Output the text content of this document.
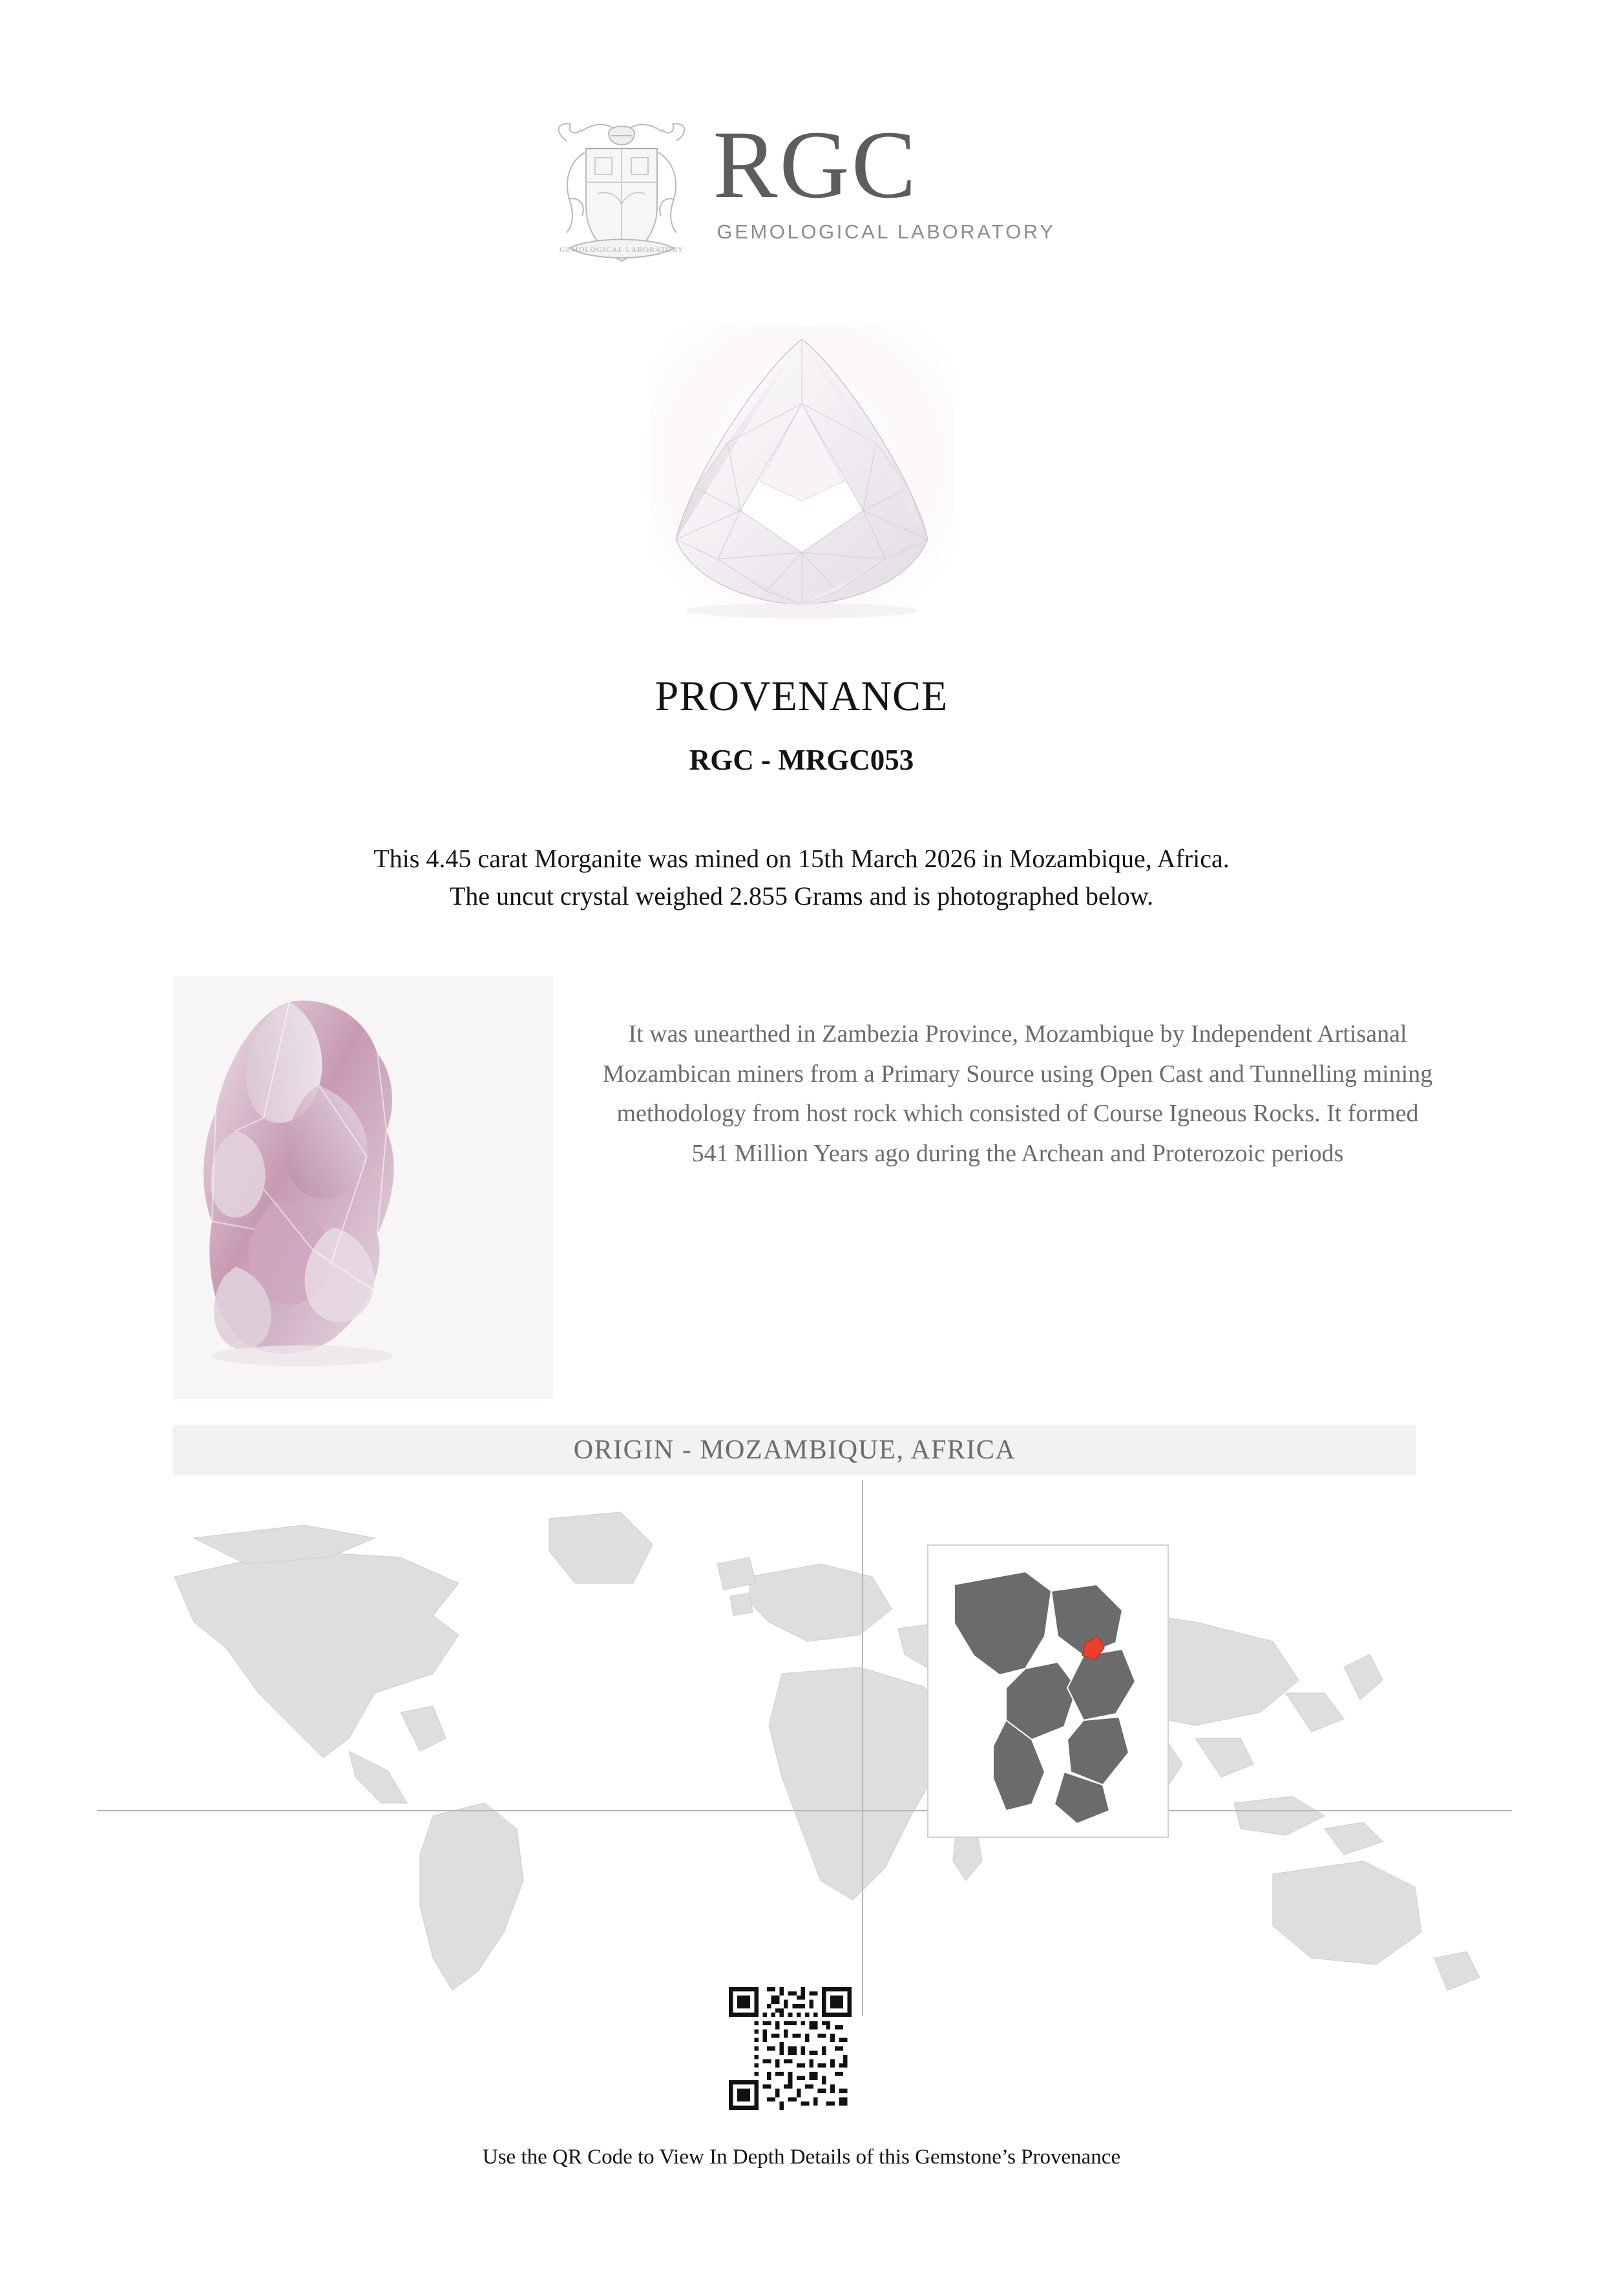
GEMOLOGICAL LABORATORY
RGC
GEMOLOGICAL LABORATORY
PROVENANCE
RGC - MRGC053
This 4.45 carat Morganite was mined on 15th March 2026 in Mozambique, Africa.
The uncut crystal weighed 2.855 Grams and is photographed below.
It was unearthed in Zambezia Province, Mozambique by Independent Artisanal Mozambican miners from a Primary Source using Open Cast and Tunnelling mining methodology from host rock which consisted of Course Igneous Rocks. It formed 541 Million Years ago during the Archean and Proterozoic periods
ORIGIN - MOZAMBIQUE, AFRICA
Use the QR Code to View In Depth Details of this Gemstone’s Provenance
